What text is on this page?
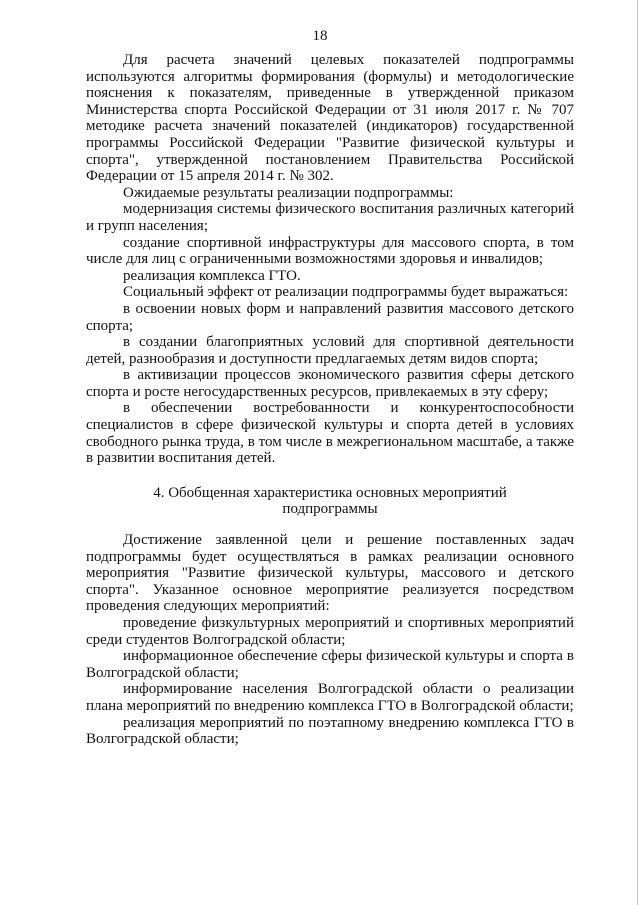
18

Для расчета значений целевых показателей подпрограммы используются алгоритмы формирования (формулы) и методологические пояснения к показателям, приведенные в утвержденной приказом Министерства спорта Российской Федерации от 31 июля 2017 г. № 707 методике расчета значений показателей (индикаторов) государственной программы Российской Федерации "Развитие физической культуры и спорта", утвержденной постановлением Правительства Российской Федерации от 15 апреля 2014 г. № 302.

Ожидаемые результаты реализации подпрограммы:

модернизация системы физического воспитания различных категорий и групп населения;

создание спортивной инфраструктуры для массового спорта, в том числе для лиц с ограниченными возможностями здоровья и инвалидов;

реализация комплекса ГТО.

Социальный эффект от реализации подпрограммы будет выражаться:

в освоении новых форм и направлений развития массового детского спорта;

в создании благоприятных условий для спортивной деятельности детей, разнообразия и доступности предлагаемых детям видов спорта;

в активизации процессов экономического развития сферы детского спорта и росте негосударственных ресурсов, привлекаемых в эту сферу;

в обеспечении востребованности и конкурентоспособности специалистов в сфере физической культуры и спорта детей в условиях свободного рынка труда, в том числе в межрегиональном масштабе, а также в развитии воспитания детей.

4. Обобщенная характеристика основных мероприятий подпрограммы

Достижение заявленной цели и решение поставленных задач подпрограммы будет осуществляться в рамках реализации основного мероприятия "Развитие физической культуры, массового и детского спорта". Указанное основное мероприятие реализуется посредством проведения следующих мероприятий:

проведение физкультурных мероприятий и спортивных мероприятий среди студентов Волгоградской области;

информационное обеспечение сферы физической культуры и спорта в Волгоградской области;

информирование населения Волгоградской области о реализации плана мероприятий по внедрению комплекса ГТО в Волгоградской области;

реализация мероприятий по поэтапному внедрению комплекса ГТО в Волгоградской области;
